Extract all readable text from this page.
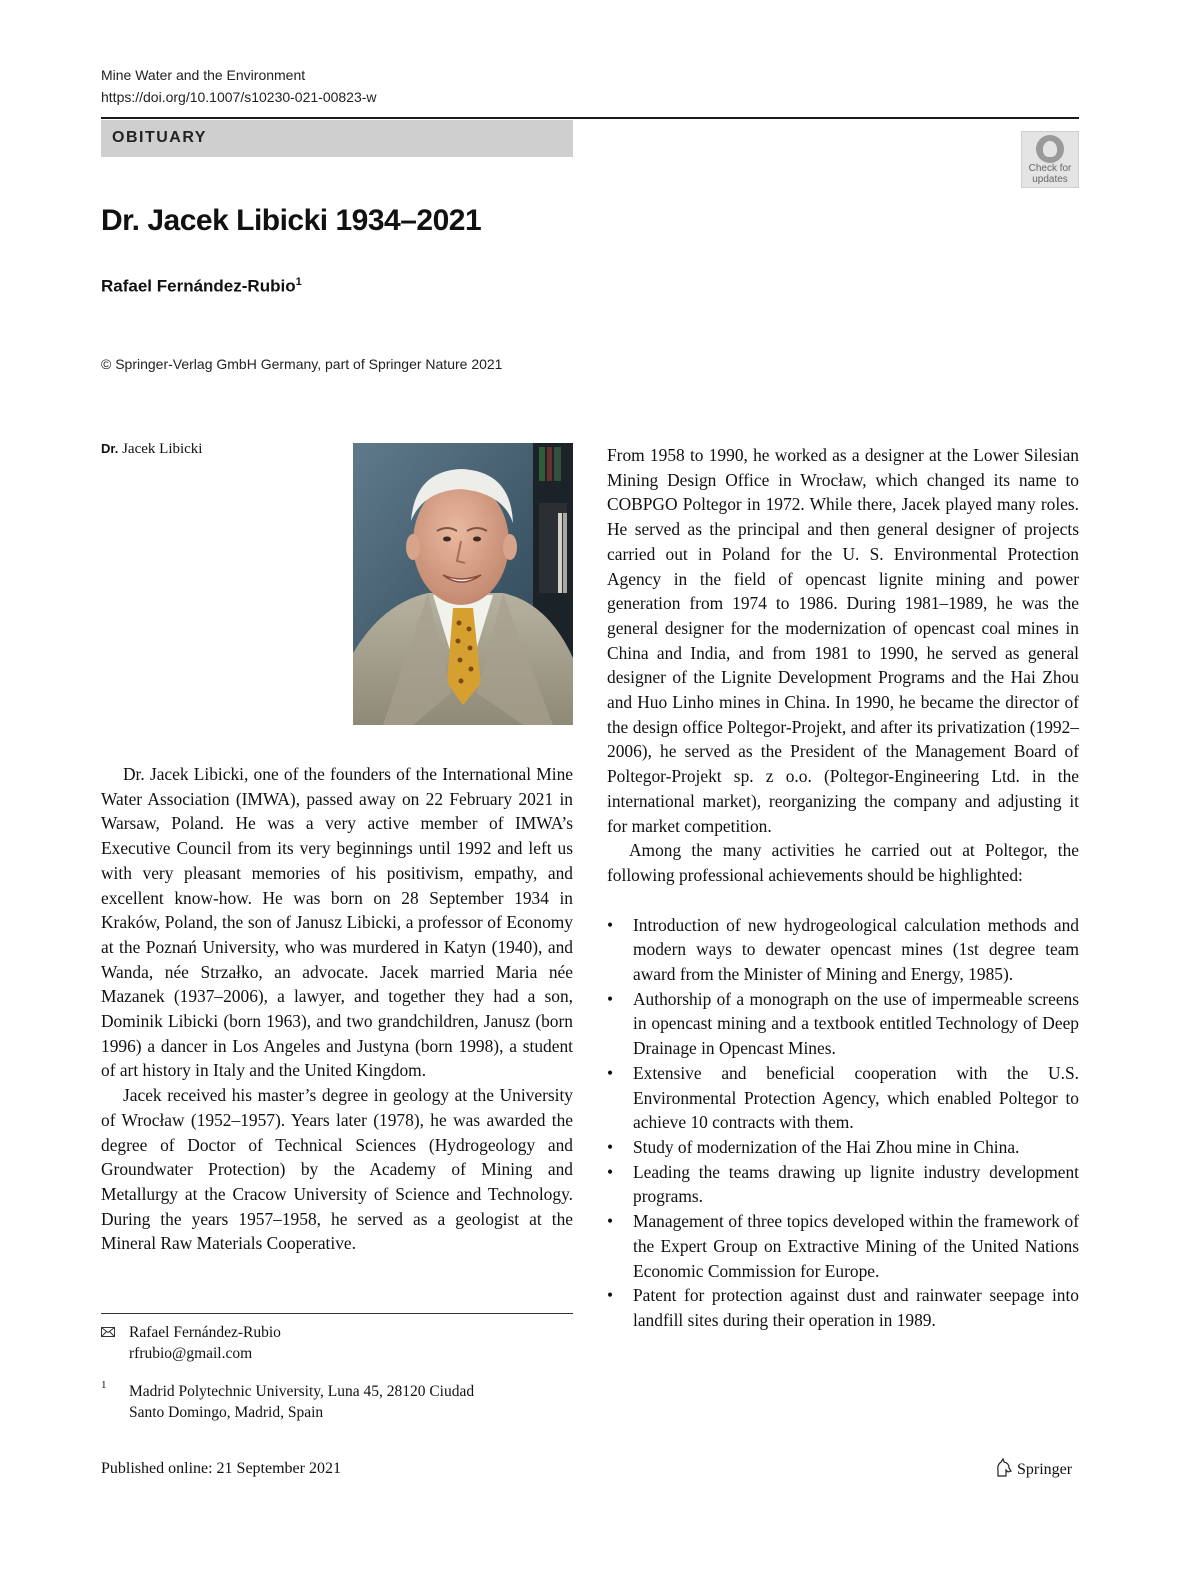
Mine Water and the Environment
https://doi.org/10.1007/s10230-021-00823-w
OBITUARY
Check for
updates
Dr. Jacek Libicki 1934–2021
Rafael Fernández-Rubio$^1$
© Springer-Verlag GmbH Germany, part of Springer Nature 2021
Dr. Jacek Libicki

Dr. Jacek Libicki, one of the founders of the International Mine Water Association (IMWA), passed away on 22 February 2021 in Warsaw, Poland. He was a very active member of IMWA’s Executive Council from its very beginnings until 1992 and left us with very pleasant memories of his positivism, empathy, and excellent know-how. He was born on 28 September 1934 in Kraków, Poland, the son of Janusz Libicki, a professor of Economy at the Poznań University, who was murdered in Katyn (1940), and Wanda, née Strzałko, an advocate. Jacek married Maria née Mazanek (1937–2006), a lawyer, and together they had a son, Dominik Libicki (born 1963), and two grandchildren, Janusz (born 1996) a dancer in Los Angeles and Justyna (born 1998), a student of art history in Italy and the United Kingdom.

Jacek received his master’s degree in geology at the University of Wrocław (1952–1957). Years later (1978), he was awarded the degree of Doctor of Technical Sciences (Hydrogeology and Groundwater Protection) by the Academy of Mining and Metallurgy at the Cracow University of Science and Technology. During the years 1957–1958, he served as a geologist at the Mineral Raw Materials Cooperative.

From 1958 to 1990, he worked as a designer at the Lower Silesian Mining Design Office in Wrocław, which changed its name to COBPGO Poltegor in 1972. While there, Jacek played many roles. He served as the principal and then general designer of projects carried out in Poland for the U. S. Environmental Protection Agency in the field of opencast lignite mining and power generation from 1974 to 1986. During 1981–1989, he was the general designer for the modernization of opencast coal mines in China and India, and from 1981 to 1990, he served as general designer of the Lignite Development Programs and the Hai Zhou and Huo Linho mines in China. In 1990, he became the director of the design office Poltegor-Projekt, and after its privatization (1992–2006), he served as the President of the Management Board of Poltegor-Projekt sp. z o.o. (Poltegor-Engineering Ltd. in the international market), reorganizing the company and adjusting it for market competition.

Among the many activities he carried out at Poltegor, the following professional achievements should be highlighted:

• Introduction of new hydrogeological calculation methods and modern ways to dewater opencast mines (1st degree team award from the Minister of Mining and Energy, 1985).
• Authorship of a monograph on the use of impermeable screens in opencast mining and a textbook entitled Technology of Deep Drainage in Opencast Mines.
• Extensive and beneficial cooperation with the U.S. Environmental Protection Agency, which enabled Poltegor to achieve 10 contracts with them.
• Study of modernization of the Hai Zhou mine in China.
• Leading the teams drawing up lignite industry development programs.
• Management of three topics developed within the framework of the Expert Group on Extractive Mining of the United Nations Economic Commission for Europe.
• Patent for protection against dust and rainwater seepage into landfill sites during their operation in 1989.
Rafael Fernández-Rubio
rfrubio@gmail.com
1 Madrid Polytechnic University, Luna 45, 28120 Ciudad
Santo Domingo, Madrid, Spain
Published online: 21 September 2021	Springer
